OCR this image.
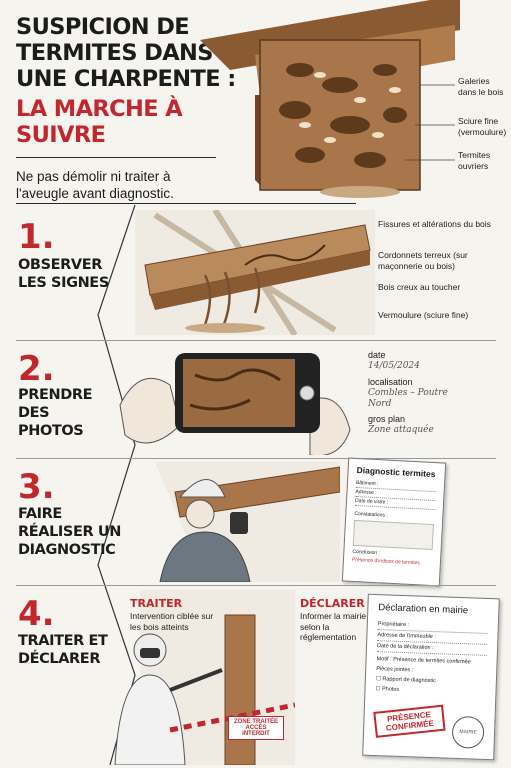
SUSPICION DE
TERMITES DANS
UNE CHARPENTE :
LA MARCHE À SUIVRE
Ne pas démolir ni traiter à l'aveugle avant diagnostic.
Galeries dans le bois
Sciure fine (vermoulure)
Termites ouvriers
1.
OBSERVER LES SIGNES
Fissures et altérations du bois
Cordonnets terreux (sur maçonnerie ou bois)
Bois creux au toucher
Vermoulure (sciure fine)
2.
PRENDRE DES PHOTOS
date
14/05/2024
localisation
Combles – Poutre Nord
gros plan
Zone attaquée
3.
FAIRE RÉALISER UN DIAGNOSTIC
Diagnostic termites
Bâtiment :
Adresse :
Date de visite :
Constatations :
Conclusion :
Présence d'indices de termites
4.
TRAITER ET DÉCLARER
TRAITER
Intervention ciblée sur les bois atteints
ZONE TRAITÉE ACCÈS INTERDIT
DÉCLARER
Informer la mairie selon la réglementation
Déclaration en mairie
Propriétaire :
Adresse de l'immeuble :
Date de la déclaration :
Motif : Présence de termites confirmée
Pièces jointes :
☐ Rapport de diagnostic
☐ Photos
PRÉSENCE CONFIRMÉE	MAIRIE
